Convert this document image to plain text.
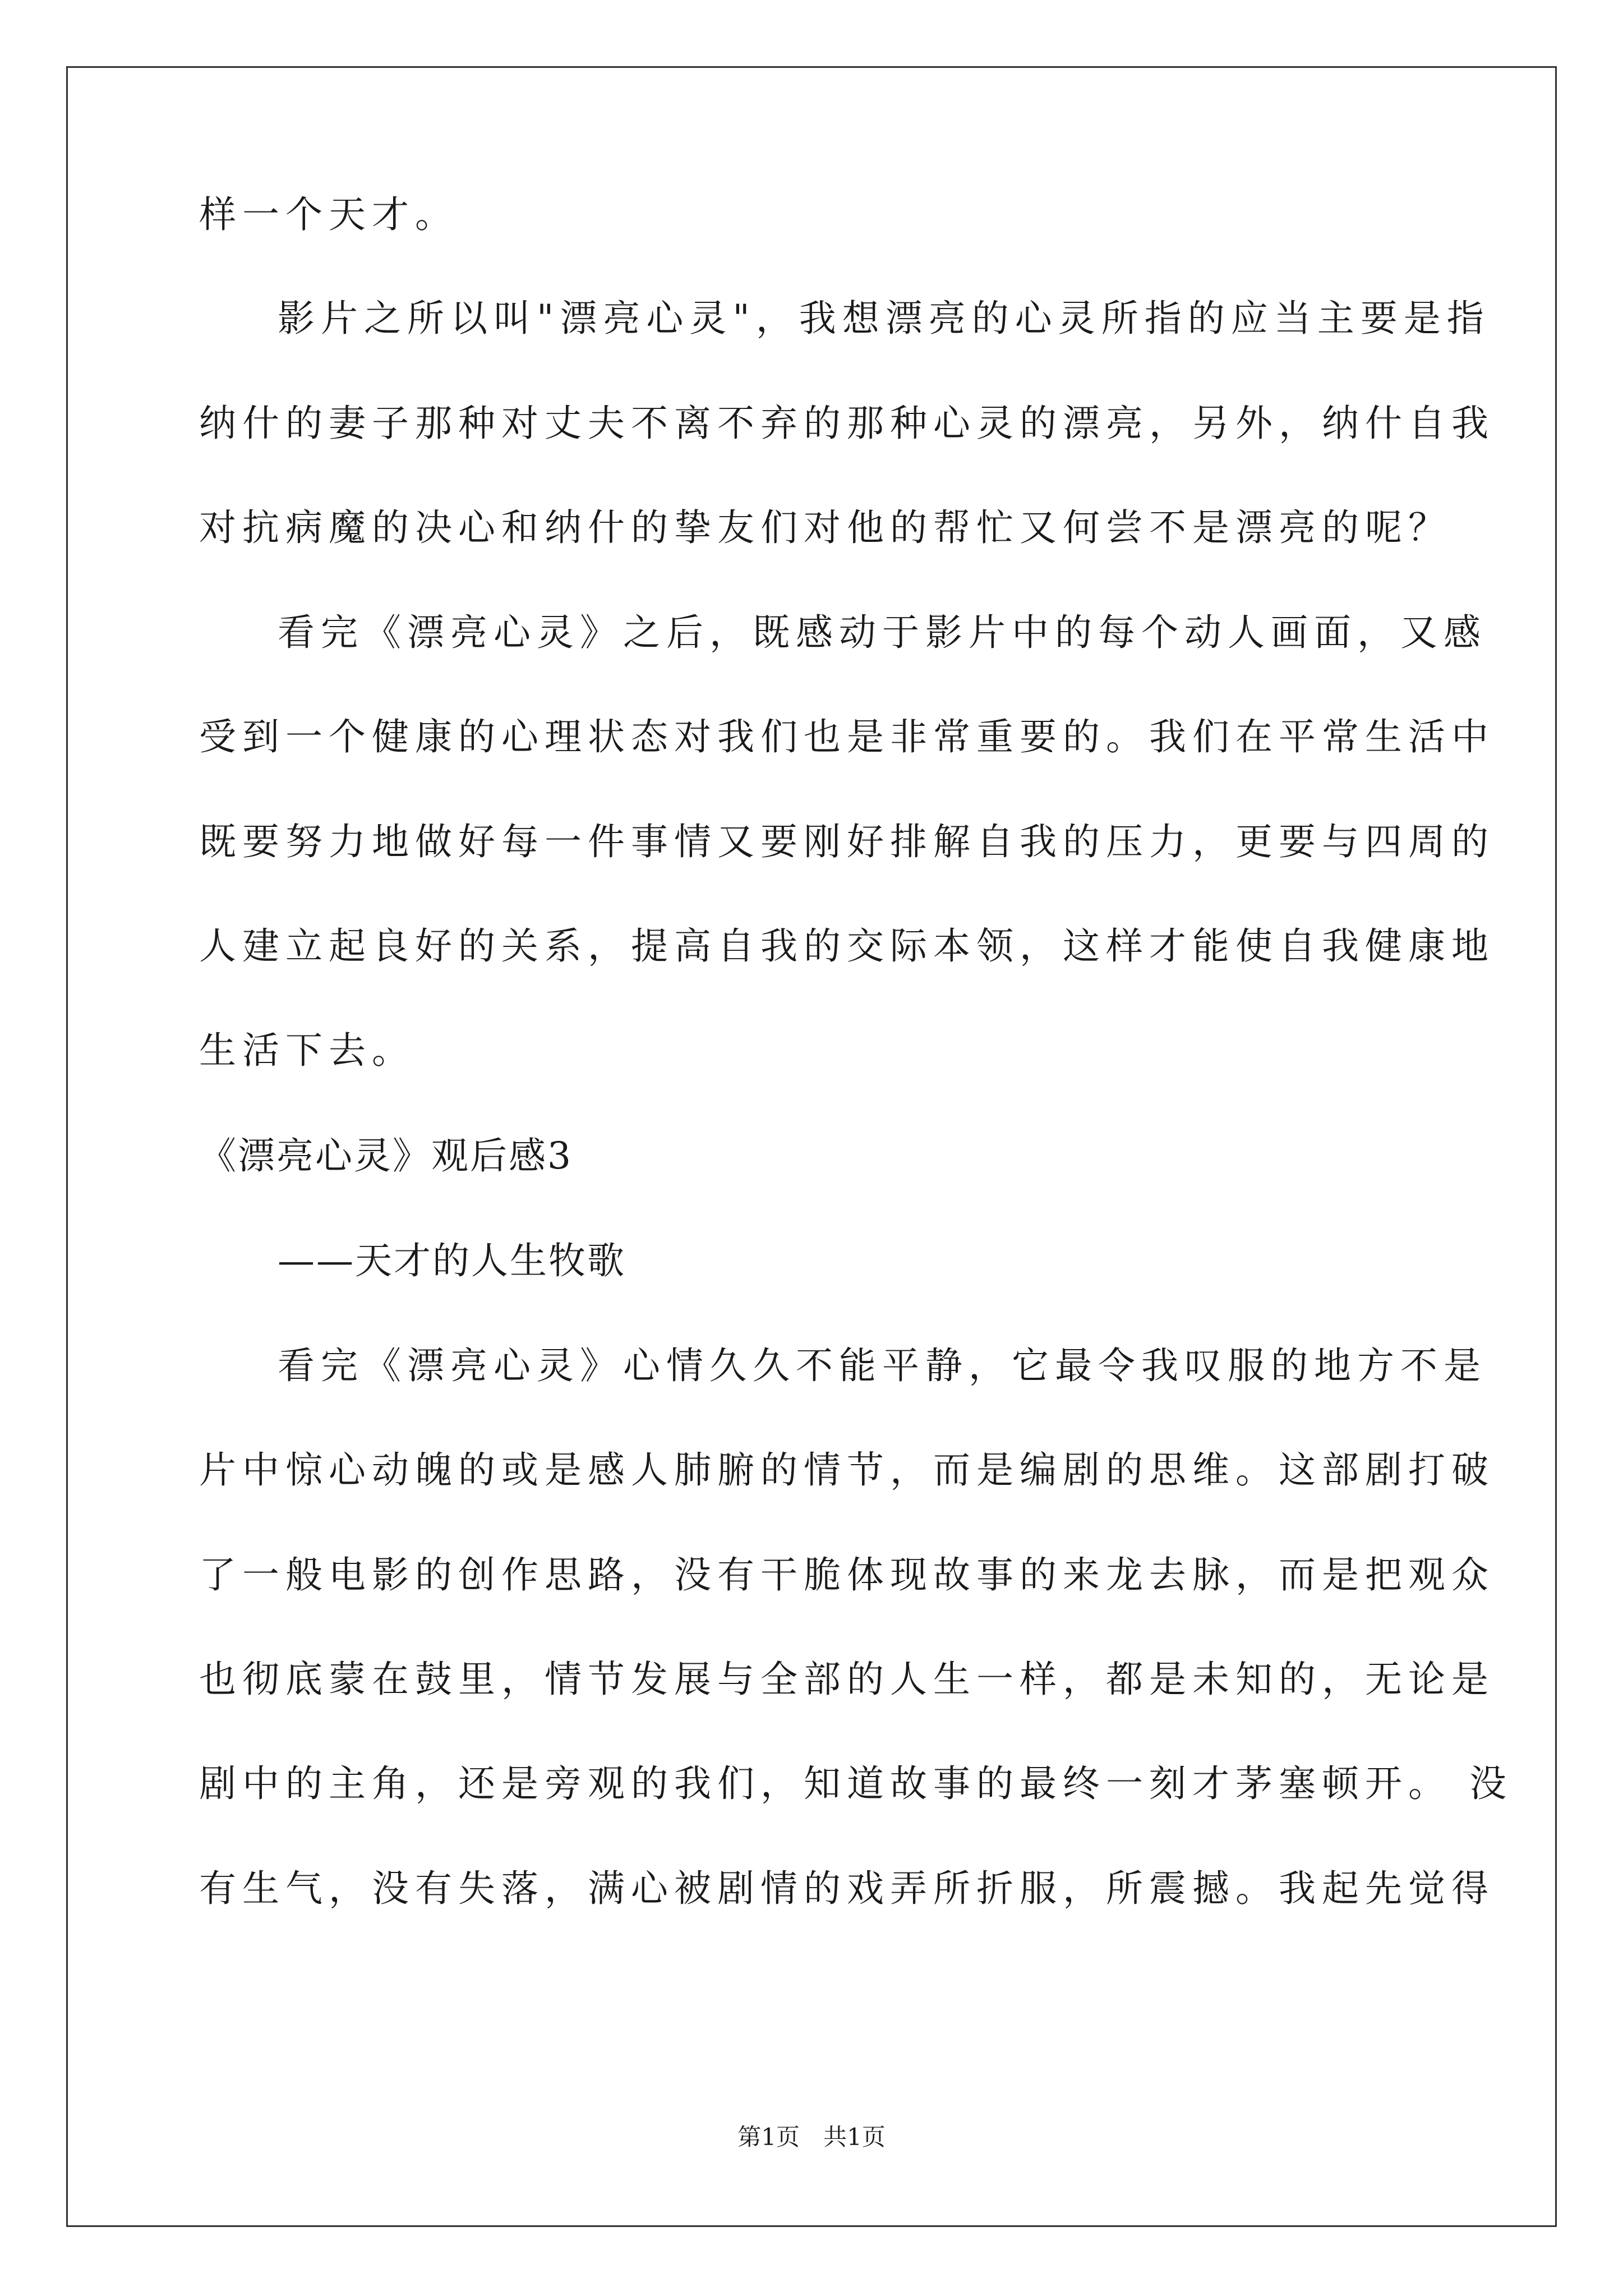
样一个天才。
影片之所以叫"漂亮心灵"，我想漂亮的心灵所指的应当主要是指
纳什的妻子那种对丈夫不离不弃的那种心灵的漂亮，另外，纳什自我
对抗病魔的决心和纳什的挚友们对他的帮忙又何尝不是漂亮的呢？
看完《漂亮心灵》之后，既感动于影片中的每个动人画面，又感
受到一个健康的心理状态对我们也是非常重要的。我们在平常生活中
既要努力地做好每一件事情又要刚好排解自我的压力，更要与四周的
人建立起良好的关系，提高自我的交际本领，这样才能使自我健康地
生活下去。
《漂亮心灵》观后感3
——天才的人生牧歌
看完《漂亮心灵》心情久久不能平静，它最令我叹服的地方不是
片中惊心动魄的或是感人肺腑的情节，而是编剧的思维。这部剧打破
了一般电影的创作思路，没有干脆体现故事的来龙去脉，而是把观众
也彻底蒙在鼓里，情节发展与全部的人生一样，都是未知的，无论是
剧中的主角，还是旁观的我们，知道故事的最终一刻才茅塞顿开。 没
有生气，没有失落，满心被剧情的戏弄所折服，所震撼。我起先觉得
第1页　共1页
